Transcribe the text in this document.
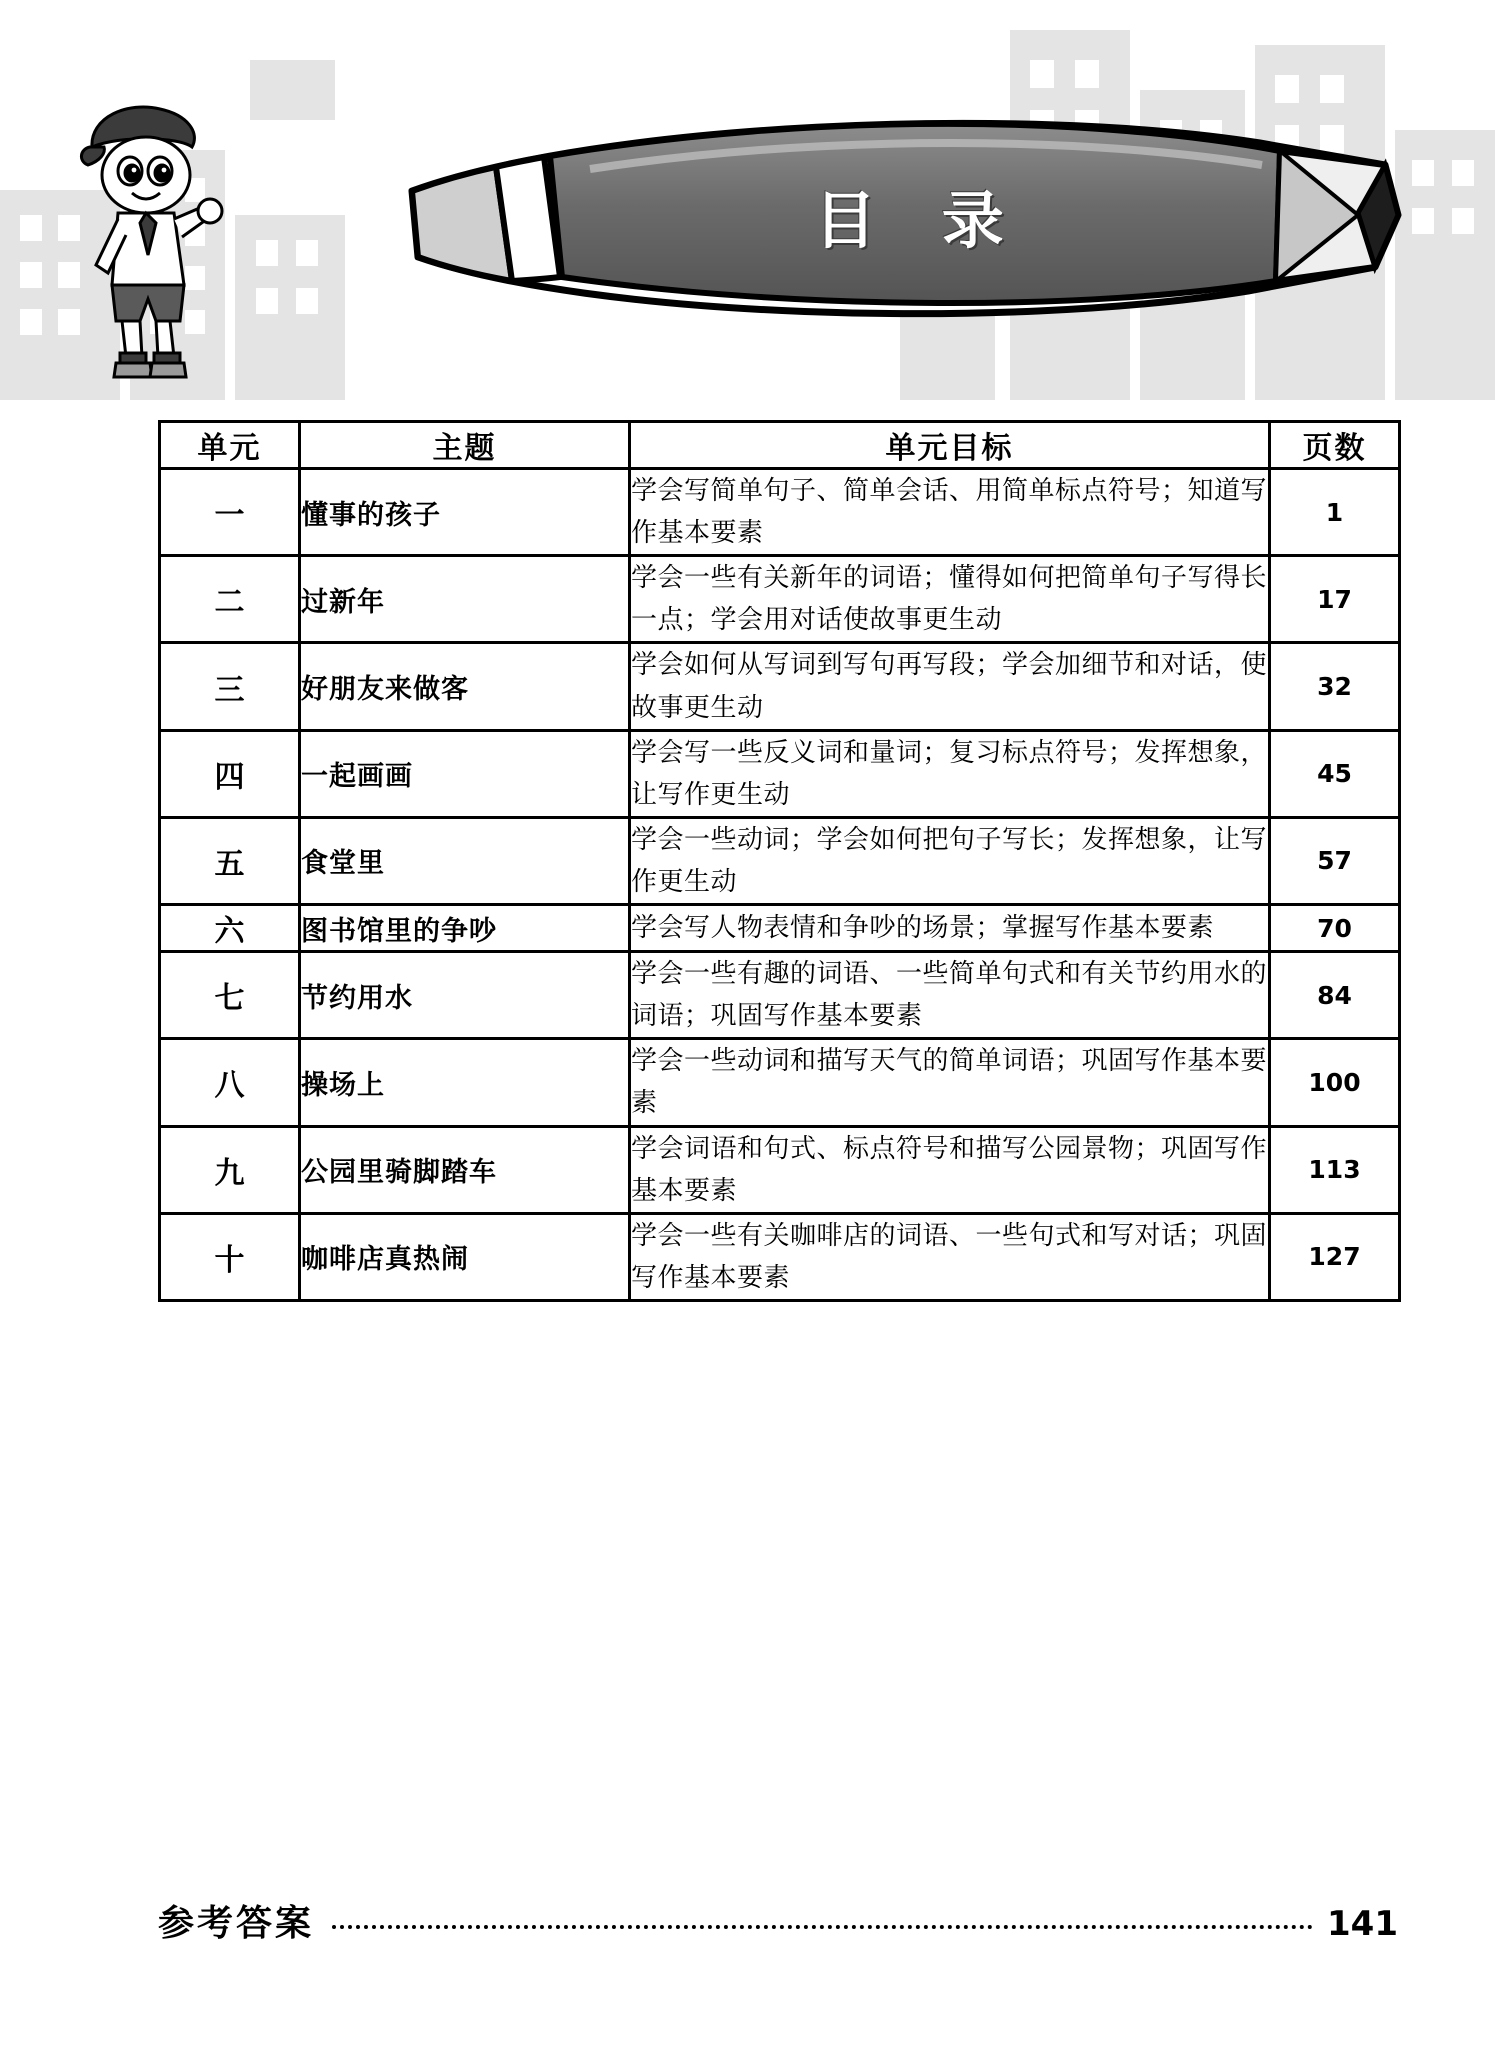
目 录
单元	主题	单元目标	页数
一	懂事的孩子	学会写简单句子、简单会话、用简单标点符号；知道写作基本要素	1
二	过新年	学会一些有关新年的词语；懂得如何把简单句子写得长一点；学会用对话使故事更生动	17
三	好朋友来做客	学会如何从写词到写句再写段；学会加细节和对话，使故事更生动	32
四	一起画画	学会写一些反义词和量词；复习标点符号；发挥想象，让写作更生动	45
五	食堂里	学会一些动词；学会如何把句子写长；发挥想象，让写作更生动	57
六	图书馆里的争吵	学会写人物表情和争吵的场景；掌握写作基本要素	70
七	节约用水	学会一些有趣的词语、一些简单句式和有关节约用水的词语；巩固写作基本要素	84
八	操场上	学会一些动词和描写天气的简单词语；巩固写作基本要素	100
九	公园里骑脚踏车	学会词语和句式、标点符号和描写公园景物；巩固写作基本要素	113
十	咖啡店真热闹	学会一些有关咖啡店的词语、一些句式和写对话；巩固写作基本要素	127
参考答案	141
